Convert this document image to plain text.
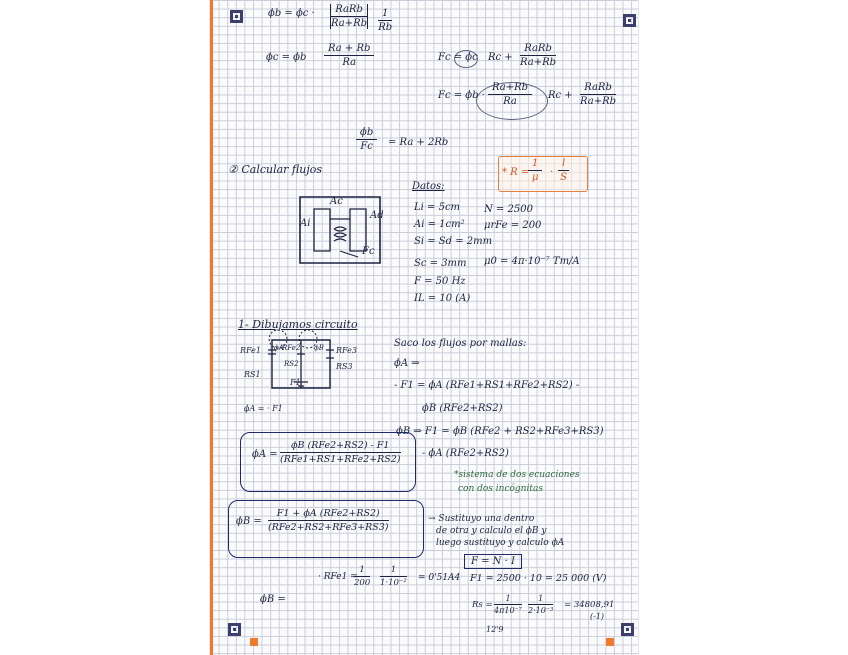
ϕb = ϕc ·	RaRb
$Ra+Rb \frac{1}{Rb}$
ϕc = ϕb $\frac{Ra + Rb}{Ra}$	Fc = ϕc Rc +
RaRb
Ra+Rb
$Fc = \phi b \cdot \frac{Ra+Rb}{Ra}$ Rc +
RaRb
Ra+Rb
$\frac{\phi b}{Fc} = Ra + 2Rb$
② Calcular flujos	* R =
$\frac{1}{\mu} \cdot \frac{l}{S}$
Ac
Ai
Ad
Fc
Datos:
Li = 5cm
Ai = 1cm²
Si = Sd = 2mm
Sc = 3mm
F = 50 Hz
IL = 10 (A)
N = 2500
μrFe = 200
μ0 = 4π·10⁻⁷ Tm/A
1- Dibujamos circuito
RFe1
RS1
RFe2
RS2
RFe3
RS3
F1
ϕA	ϕB
ϕA = · F1
Saco los flujos por mallas:
ϕA ⇒
- F1 = ϕA (RFe1+RS1+RFe2+RS2) -
ϕB (RFe2+RS2)
ϕB ⇒ F1 = ϕB (RFe2 + RS2+RFe3+RS3)
- ϕA (RFe2+RS2)
*sistema de dos ecuaciones
con dos incógnitas
ϕA =
ϕB (RFe2+RS2) - F1
(RFe1+RS1+RFe2+RS2)
ϕB =
F1 + ϕA (RFe2+RS2)
(RFe2+RS2+RFe3+RS3)
→ Sustituyo una dentro
de otra y calculo el ϕB y
luego sustituyo y calculo ϕA
F = N · I
· RFe1 =
$\frac{1}{200} \frac{1}{\text{1·10⁻²}} = 0'51A4$ F1 = 2500 · 10 = 25 000 (V)
$Rs = \frac{1}{\text{4π10⁻⁷}} \frac{1}{\text{2·10⁻³}} = 34808,91$
(-1)
ϕB =
12'9
